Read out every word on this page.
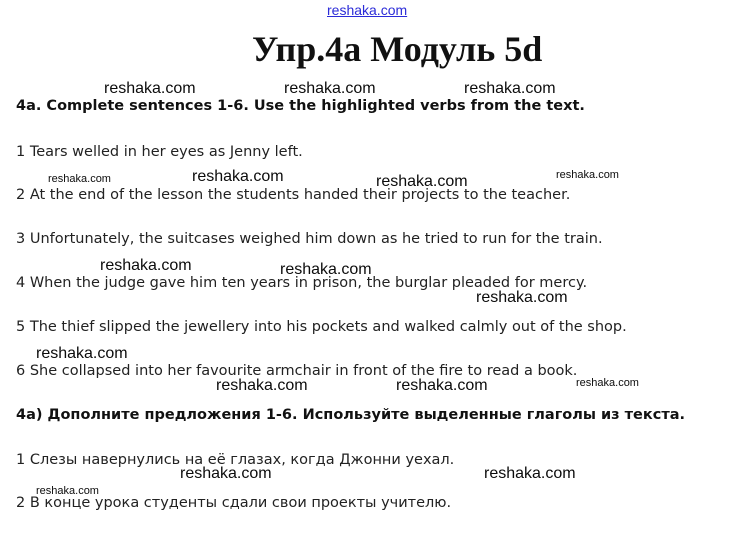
reshaka.com
Упр.4a Модуль 5d
4a. Complete sentences 1-6. Use the highlighted verbs from the text.
1 Tears welled in her eyes as Jenny left.
2 At the end of the lesson the students handed their projects to the teacher.
3 Unfortunately, the suitcases weighed him down as he tried to run for the train.
4 When the judge gave him ten years in prison, the burglar pleaded for mercy.
5 The thief slipped the jewellery into his pockets and walked calmly out of the shop.
6 She collapsed into her favourite armchair in front of the fire to read a book.
4a) Дополните предложения 1-6. Используйте выделенные глаголы из текста.
1 Слезы навернулись на её глазах, когда Джонни уехал.
2 В конце урока студенты сдали свои проекты учителю.
reshaka.com	reshaka.com	reshaka.com
reshaka.com	reshaka.com	reshaka.com	reshaka.com
reshaka.com	reshaka.com
reshaka.com
reshaka.com
reshaka.com	reshaka.com	reshaka.com
reshaka.com	reshaka.com
reshaka.com
